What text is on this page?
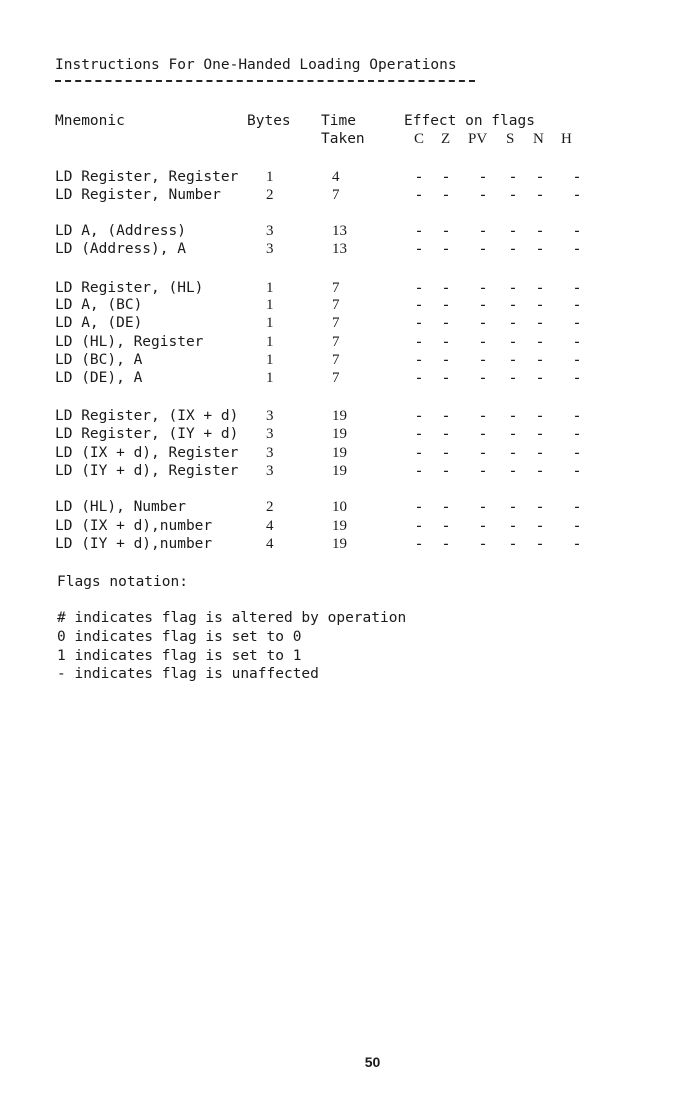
Instructions For One-Handed Loading Operations
Mnemonic	Bytes Time
Taken
Effect on flags
C Z PV S N H
LD Register, Register 1	4	- - - - - -
LD Register, Number	2	7	- - - - - -
LD A, (Address)	3	13	- - - - - -
LD (Address), A	3	13	- - - - - -
LD Register, (HL)	1	7	- - - - - -
LD A, (BC)	1	7	- - - - - -
LD A, (DE)	1	7	- - - - - -
LD (HL), Register	1	7	- - - - - -
LD (BC), A	1	7	- - - - - -
LD (DE), A	1	7	- - - - - -
LD Register, (IX + d) 3	19	- - - - - -
LD Register, (IY + d) 3	19	- - - - - -
LD (IX + d), Register 3	19	- - - - - -
LD (IY + d), Register 3	19	- - - - - -
LD (HL), Number	2	10	- - - - - -
LD (IX + d),number	4	19	- - - - - -
LD (IY + d),number	4	19	- - - - - -
Flags notation:
# indicates flag is altered by operation
0 indicates flag is set to 0
1 indicates flag is set to 1
- indicates flag is unaffected
50
